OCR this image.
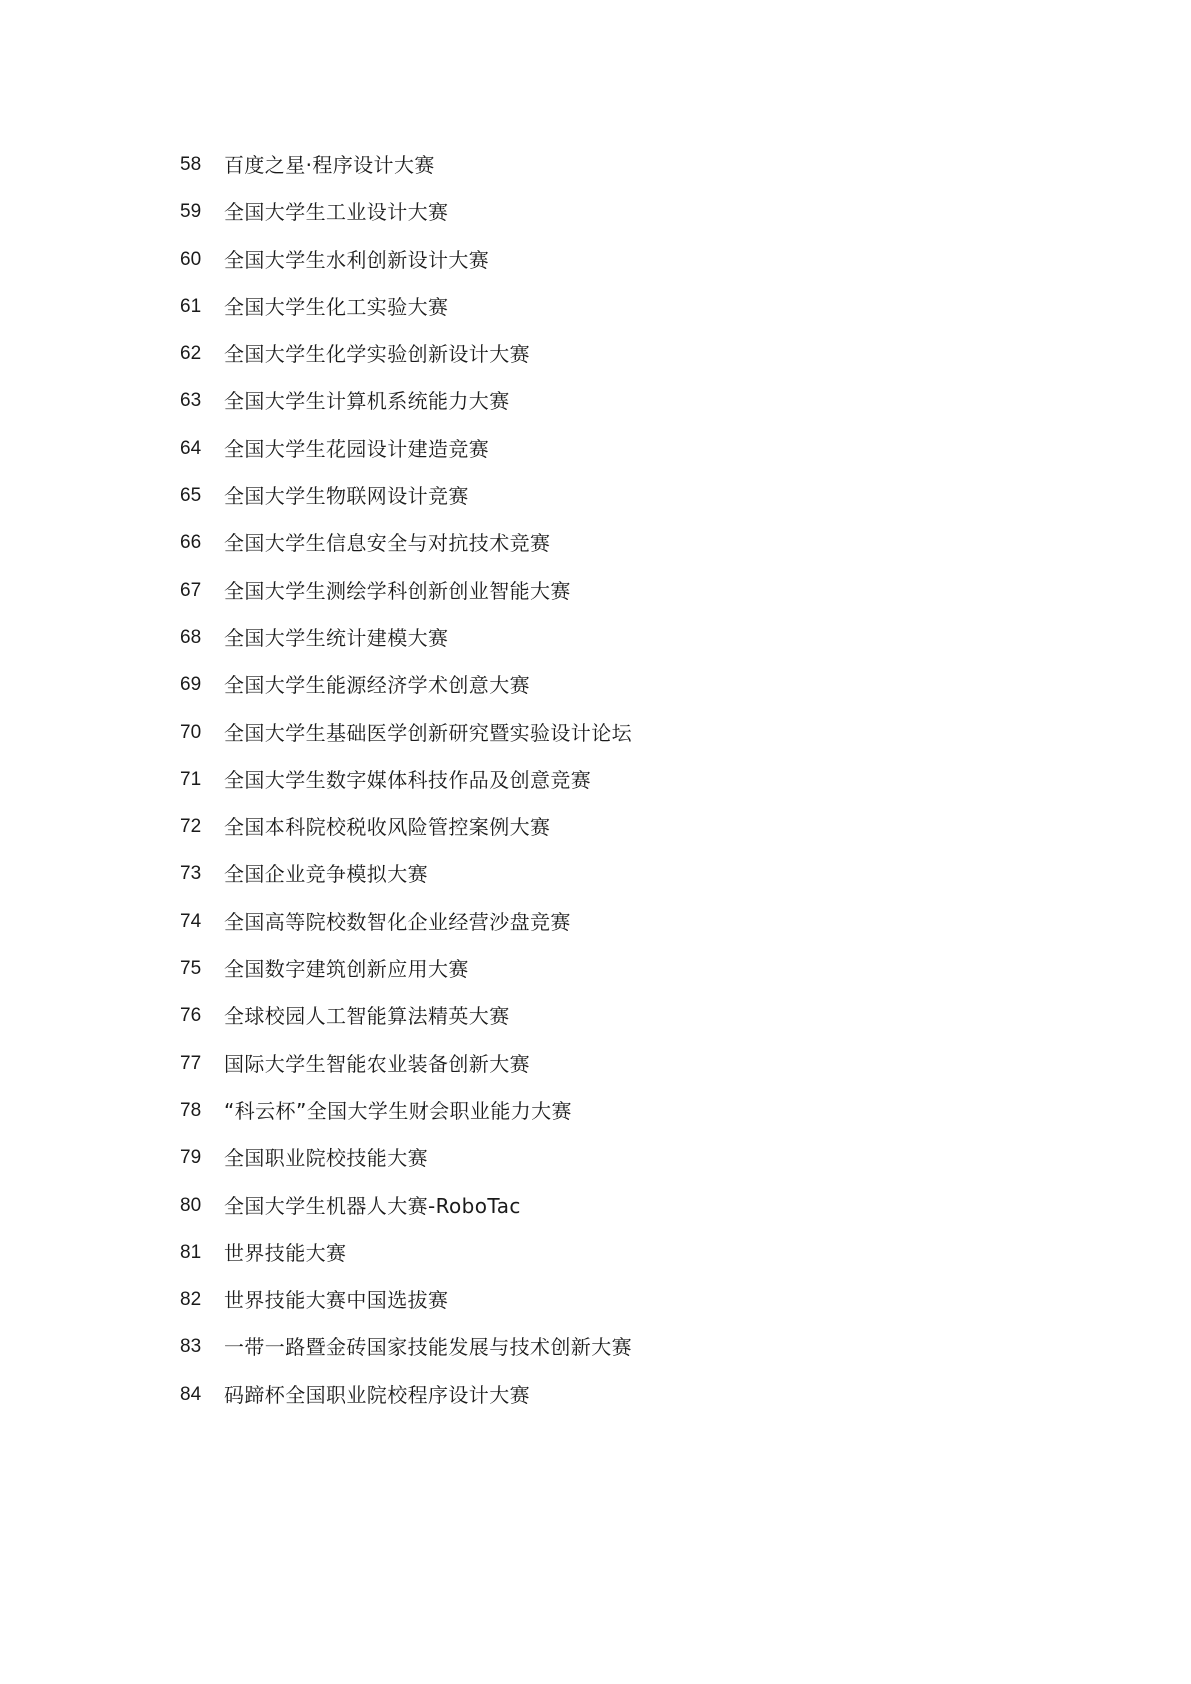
58	百度之星·程序设计大赛
59	全国大学生工业设计大赛
60	全国大学生水利创新设计大赛
61	全国大学生化工实验大赛
62	全国大学生化学实验创新设计大赛
63	全国大学生计算机系统能力大赛
64	全国大学生花园设计建造竞赛
65	全国大学生物联网设计竞赛
66	全国大学生信息安全与对抗技术竞赛
67	全国大学生测绘学科创新创业智能大赛
68	全国大学生统计建模大赛
69	全国大学生能源经济学术创意大赛
70	全国大学生基础医学创新研究暨实验设计论坛
71	全国大学生数字媒体科技作品及创意竞赛
72	全国本科院校税收风险管控案例大赛
73	全国企业竞争模拟大赛
74	全国高等院校数智化企业经营沙盘竞赛
75	全国数字建筑创新应用大赛
76	全球校园人工智能算法精英大赛
77	国际大学生智能农业装备创新大赛
78	“科云杯”全国大学生财会职业能力大赛
79	全国职业院校技能大赛
80	全国大学生机器人大赛-RoboTac
81	世界技能大赛
82	世界技能大赛中国选拔赛
83	一带一路暨金砖国家技能发展与技术创新大赛
84	码蹄杯全国职业院校程序设计大赛
